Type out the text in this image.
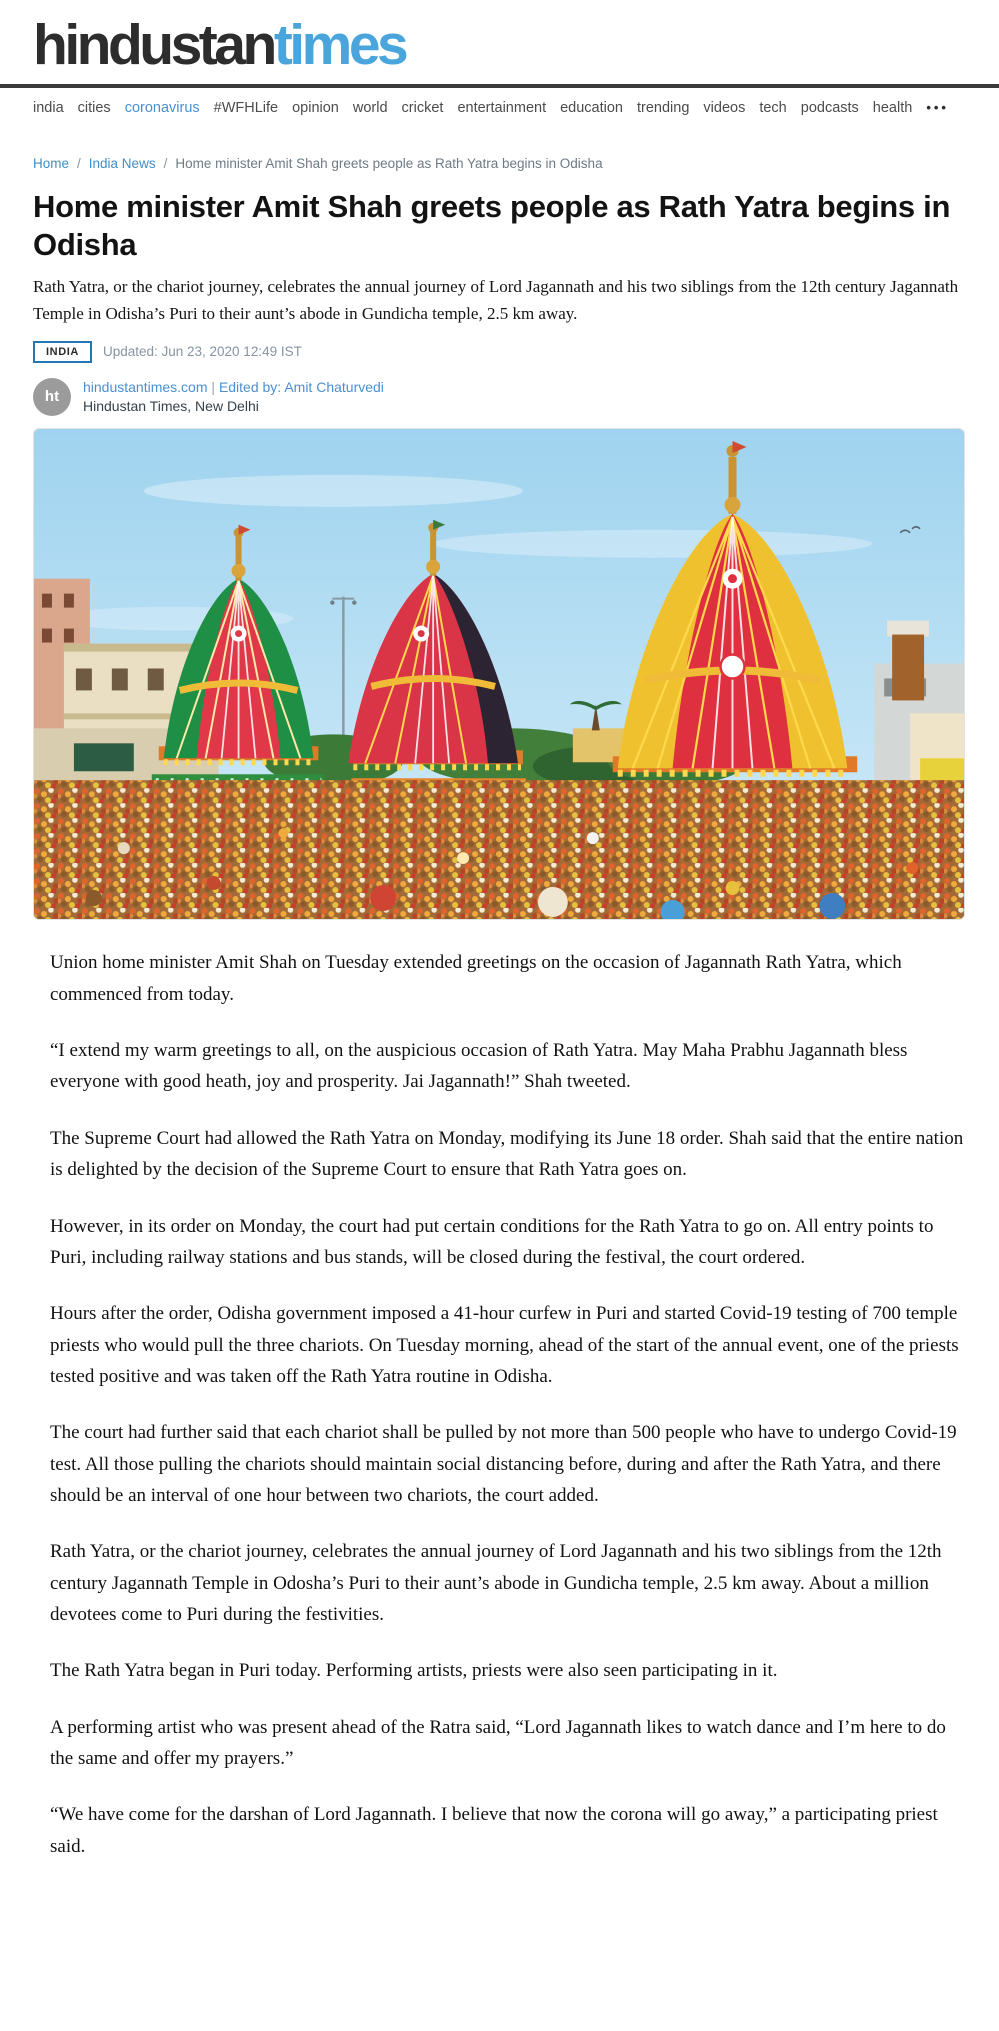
hindustantimes
india cities coronavirus #WFHLife opinion world cricket entertainment education trending videos tech podcasts health •••
Home / India News / Home minister Amit Shah greets people as Rath Yatra begins in Odisha
Home minister Amit Shah greets people as Rath Yatra begins in Odisha
Rath Yatra, or the chariot journey, celebrates the annual journey of Lord Jagannath and his two siblings from the 12th century Jagannath Temple in Odisha’s Puri to their aunt’s abode in Gundicha temple, 2.5 km away.
INDIA	Updated: Jun 23, 2020 12:49 IST
ht
hindustantimes.com | Edited by: Amit Chaturvedi
Hindustan Times, New Delhi

Union home minister Amit Shah on Tuesday extended greetings on the occasion of Jagannath Rath Yatra, which commenced from today.

“I extend my warm greetings to all, on the auspicious occasion of Rath Yatra. May Maha Prabhu Jagannath bless everyone with good heath, joy and prosperity. Jai Jagannath!” Shah tweeted.

The Supreme Court had allowed the Rath Yatra on Monday, modifying its June 18 order. Shah said that the entire nation is delighted by the decision of the Supreme Court to ensure that Rath Yatra goes on.

However, in its order on Monday, the court had put certain conditions for the Rath Yatra to go on. All entry points to Puri, including railway stations and bus stands, will be closed during the festival, the court ordered.

Hours after the order, Odisha government imposed a 41-hour curfew in Puri and started Covid-19 testing of 700 temple priests who would pull the three chariots. On Tuesday morning, ahead of the start of the annual event, one of the priests tested positive and was taken off the Rath Yatra routine in Odisha.

The court had further said that each chariot shall be pulled by not more than 500 people who have to undergo Covid-19 test. All those pulling the chariots should maintain social distancing before, during and after the Rath Yatra, and there should be an interval of one hour between two chariots, the court added.

Rath Yatra, or the chariot journey, celebrates the annual journey of Lord Jagannath and his two siblings from the 12th century Jagannath Temple in Odosha’s Puri to their aunt’s abode in Gundicha temple, 2.5 km away. About a million devotees come to Puri during the festivities.

The Rath Yatra began in Puri today. Performing artists, priests were also seen participating in it.

A performing artist who was present ahead of the Ratra said, “Lord Jagannath likes to watch dance and I’m here to do the same and offer my prayers.”

“We have come for the darshan of Lord Jagannath. I believe that now the corona will go away,” a participating priest said.
